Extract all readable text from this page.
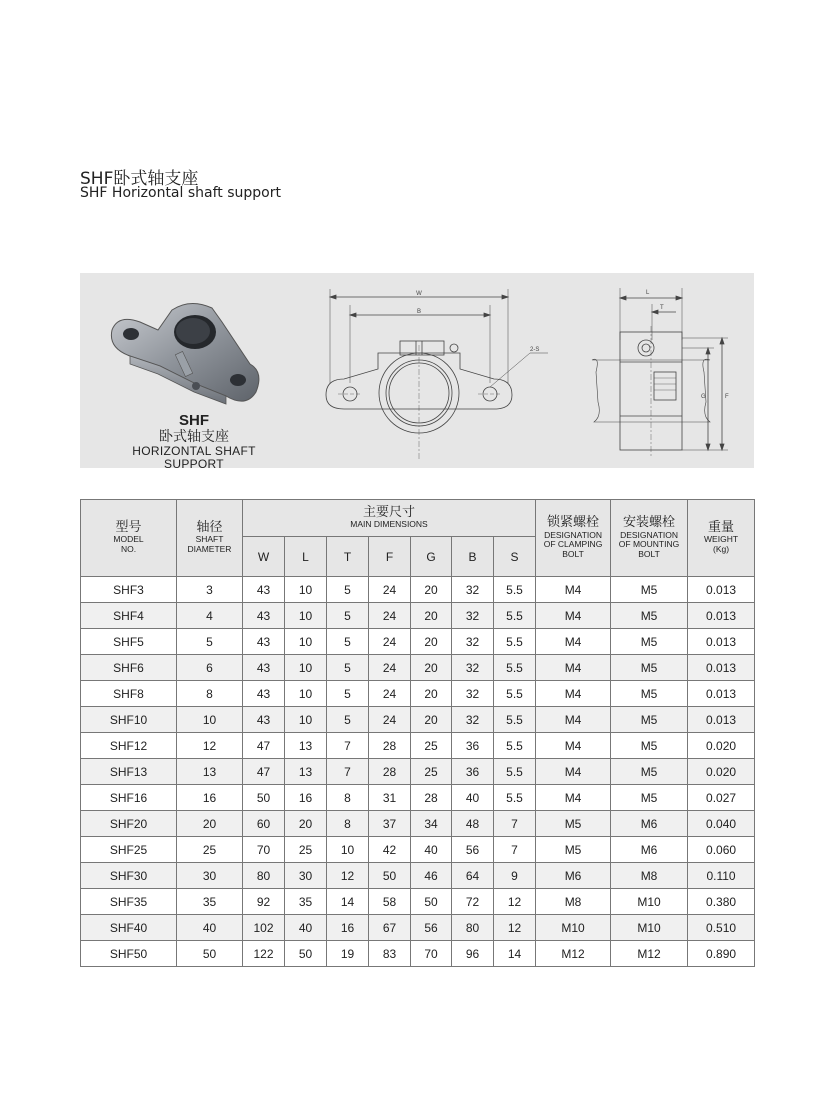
SHF卧式轴支座
SHF Horizontal shaft support
SHF
卧式轴支座
HORIZONTAL SHAFT SUPPORT
W
B
2-S
L
T
G	F
型号
MODEL
NO.	轴径
SHAFT
DIAMETER	主要尺寸
MAIN DIMENSIONS							锁紧螺栓
DESIGNATION
OF CLAMPING
BOLT	安装螺栓
DESIGNATION
OF MOUNTING
BOLT	重量
WEIGHT
(Kg)

		W	L	T	F	G	B	S			
SHF3	3	43	10	5	24	20	32	5.5	M4	M5	0.013
SHF4	4	43	10	5	24	20	32	5.5	M4	M5	0.013
SHF5	5	43	10	5	24	20	32	5.5	M4	M5	0.013
SHF6	6	43	10	5	24	20	32	5.5	M4	M5	0.013
SHF8	8	43	10	5	24	20	32	5.5	M4	M5	0.013
SHF10	10	43	10	5	24	20	32	5.5	M4	M5	0.013
SHF12	12	47	13	7	28	25	36	5.5	M4	M5	0.020
SHF13	13	47	13	7	28	25	36	5.5	M4	M5	0.020
SHF16	16	50	16	8	31	28	40	5.5	M4	M5	0.027
SHF20	20	60	20	8	37	34	48	7	M5	M6	0.040
SHF25	25	70	25	10	42	40	56	7	M5	M6	0.060
SHF30	30	80	30	12	50	46	64	9	M6	M8	0.110
SHF35	35	92	35	14	58	50	72	12	M8	M10	0.380
SHF40	40	102	40	16	67	56	80	12	M10	M10	0.510
SHF50	50	122	50	19	83	70	96	14	M12	M12	0.890
